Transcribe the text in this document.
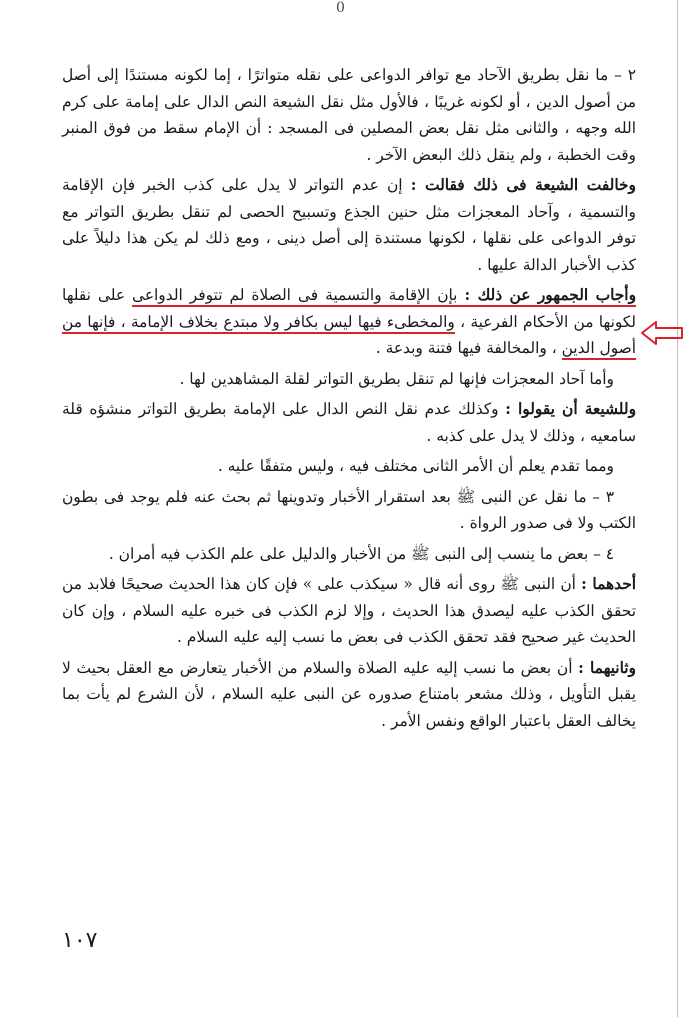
0

٢ – ما نقل بطريق الآحاد مع توافر الدواعى على نقله متواترًا ، إما لكونه مستندًا إلى أصل من أصول الدين ، أو لكونه غريبًا ، فالأول مثل نقل الشيعة النص الدال على إمامة على كرم الله وجهه ، والثانى مثل نقل بعض المصلين فى المسجد : أن الإمام سقط من فوق المنبر وقت الخطبة ، ولم ينقل ذلك البعض الآخر .

وخالفت الشيعة فى ذلك فقالت : إن عدم التواتر لا يدل على كذب الخبر فإن الإقامة والتسمية ، وآحاد المعجزات مثل حنين الجذع وتسبيح الحصى لم تنقل بطريق التواتر مع توفر الدواعى على نقلها ، لكونها مستندة إلى أصل دينى ، ومع ذلك لم يكن هذا دليلاً على كذب الأخبار الدالة عليها .

وأجاب الجمهور عن ذلك : بإن الإقامة والتسمية فى الصلاة لم تتوفر الدواعى على نقلها لكونها من الأحكام الفرعية ، والمخطىء فيها ليس بكافر ولا مبتدع بخلاف الإمامة ، فإنها من أصول الدين ، والمخالفة فيها فتنة وبدعة .

وأما آحاد المعجزات فإنها لم تنقل بطريق التواتر لقلة المشاهدين لها .

وللشيعة أن يقولوا : وكذلك عدم نقل النص الدال على الإمامة بطريق التواتر منشؤه قلة سامعيه ، وذلك لا يدل على كذبه .

ومما تقدم يعلم أن الأمر الثانى مختلف فيه ، وليس متفقًا عليه .

٣ – ما نقل عن النبى ﷺ بعد استقرار الأخبار وتدوينها ثم بحث عنه فلم يوجد فى بطون الكتب ولا فى صدور الرواة .

٤ – بعض ما ينسب إلى النبى ﷺ من الأخبار والدليل على علم الكذب فيه أمران .

أحدهما : أن النبى ﷺ روى أنه قال « سيكذب على » فإن كان هذا الحديث صحيحًا فلابد من تحقق الكذب عليه ليصدق هذا الحديث ، وإلا لزم الكذب فى خبره عليه السلام ، وإن كان الحديث غير صحيح فقد تحقق الكذب فى بعض ما نسب إليه عليه السلام .

وثانيهما : أن بعض ما نسب إليه عليه الصلاة والسلام من الأخبار يتعارض مع العقل بحيث لا يقبل التأويل ، وذلك مشعر بامتناع صدوره عن النبى عليه السلام ، لأن الشرع لم يأت بما يخالف العقل باعتبار الواقع ونفس الأمر .

١٠٧
